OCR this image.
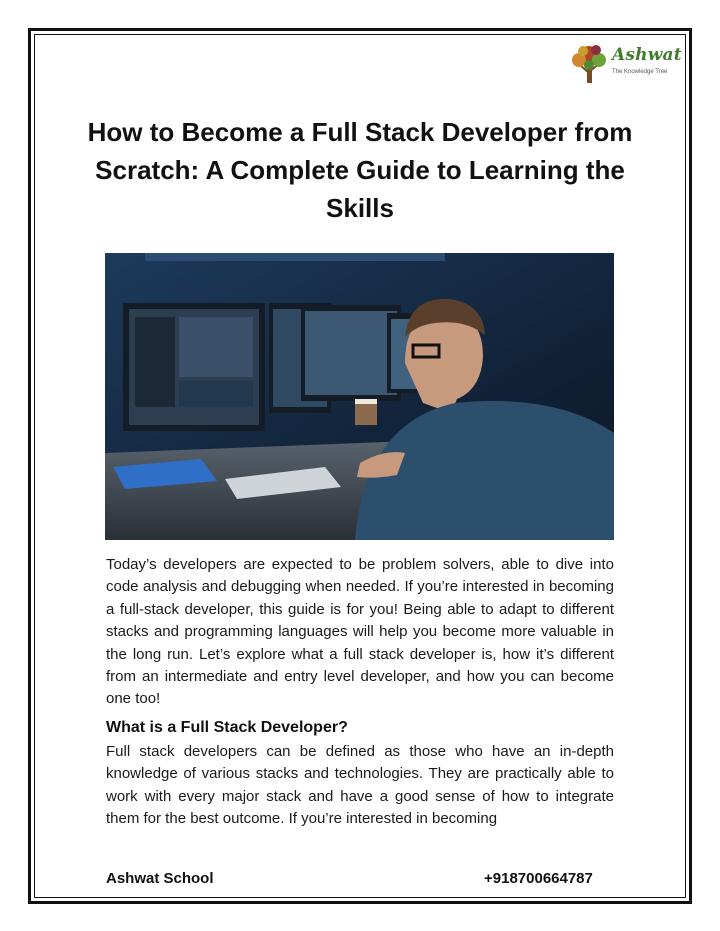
Ashwat
The Knowledge Tree
How to Become a Full Stack Developer from Scratch: A Complete Guide to Learning the Skills

Today’s developers are expected to be problem solvers, able to dive into code analysis and debugging when needed. If you’re interested in becoming a full-stack developer, this guide is for you! Being able to adapt to different stacks and programming languages will help you become more valuable in the long run. Let’s explore what a full stack developer is, how it’s different from an intermediate and entry level developer, and how you can become one too!

What is a Full Stack Developer?

Full stack developers can be defined as those who have an in-depth knowledge of various stacks and technologies. They are practically able to work with every major stack and have a good sense of how to integrate them for the best outcome. If you’re interested in becoming

Ashwat School	+918700664787
